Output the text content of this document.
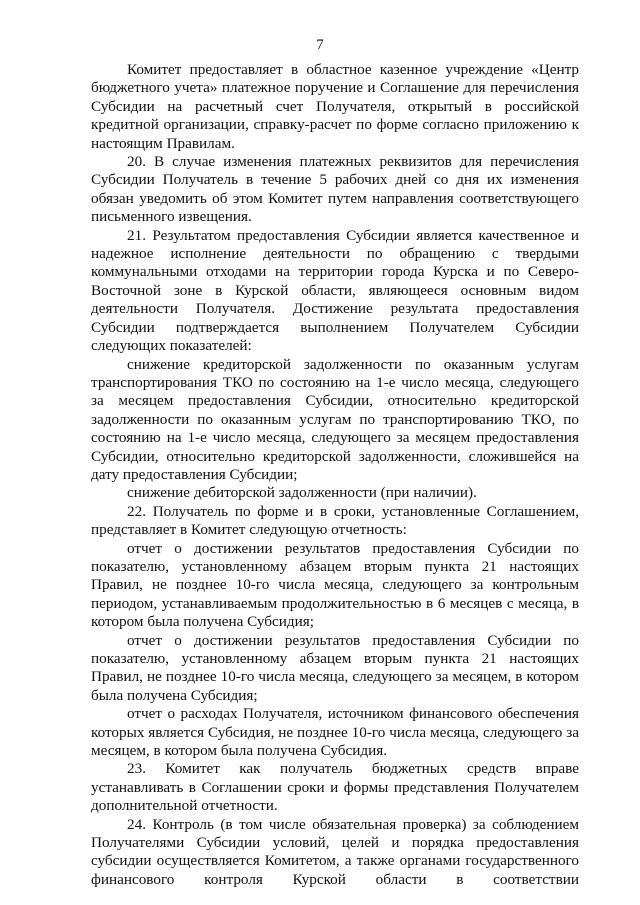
7

Комитет предоставляет в областное казенное учреждение «Центр бюджетного учета» платежное поручение и Соглашение для перечисления Субсидии на расчетный счет Получателя, открытый в российской кредитной организации, справку-расчет по форме согласно приложению к настоящим Правилам.

20. В случае изменения платежных реквизитов для перечисления Субсидии Получатель в течение 5 рабочих дней со дня их изменения обязан уведомить об этом Комитет путем направления соответствующего письменного извещения.

21. Результатом предоставления Субсидии является качественное и надежное исполнение деятельности по обращению с твердыми коммунальными отходами на территории города Курска и по Северо-Восточной зоне в Курской области, являющееся основным видом деятельности Получателя. Достижение результата предоставления Субсидии подтверждается выполнением Получателем Субсидии следующих показателей:

снижение кредиторской задолженности по оказанным услугам транспортирования ТКО по состоянию на 1-е число месяца, следующего за месяцем предоставления Субсидии, относительно кредиторской задолженности по оказанным услугам по транспортированию ТКО, по состоянию на 1-е число месяца, следующего за месяцем предоставления Субсидии, относительно кредиторской задолженности, сложившейся на дату предоставления Субсидии;

снижение дебиторской задолженности (при наличии).

22. Получатель по форме и в сроки, установленные Соглашением, представляет в Комитет следующую отчетность:

отчет о достижении результатов предоставления Субсидии по показателю, установленному абзацем вторым пункта 21 настоящих Правил, не позднее 10-го числа месяца, следующего за контрольным периодом, устанавливаемым продолжительностью в 6 месяцев с месяца, в котором была получена Субсидия;

отчет о достижении результатов предоставления Субсидии по показателю, установленному абзацем вторым пункта 21 настоящих Правил, не позднее 10-го числа месяца, следующего за месяцем, в котором была получена Субсидия;

отчет о расходах Получателя, источником финансового обеспечения которых является Субсидия, не позднее 10-го числа месяца, следующего за месяцем, в котором была получена Субсидия.

23. Комитет как получатель бюджетных средств вправе устанавливать в Соглашении сроки и формы представления Получателем дополнительной отчетности.

24. Контроль (в том числе обязательная проверка) за соблюдением Получателями Субсидии условий, целей и порядка предоставления субсидии осуществляется Комитетом, а также органами государственного финансового контроля Курской области в соответствии
